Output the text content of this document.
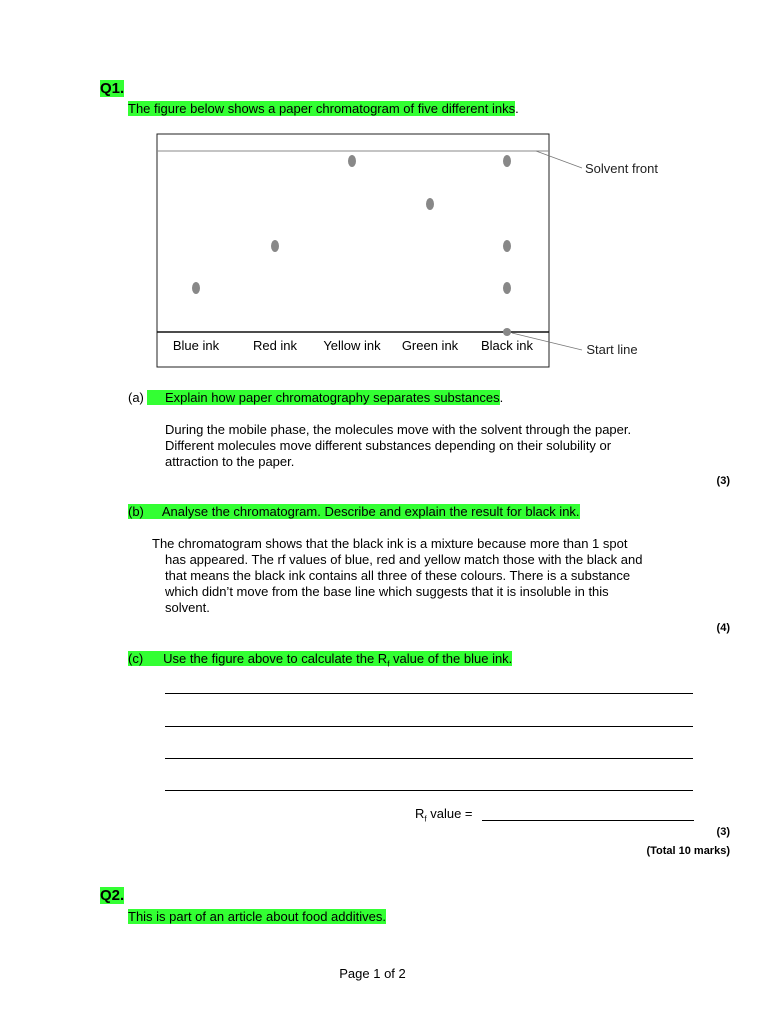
Q1.
The figure below shows a paper chromatogram of five different inks.
Blue ink	Red ink Yellow ink Green ink Black ink
Solvent front
Start line
(a)	Explain how paper chromatography separates substances.
During the mobile phase, the molecules move with the solvent through the paper.
Different molecules move different substances depending on their solubility or
attraction to the paper.
(3)
(b) Analyse the chromatogram. Describe and explain the result for black ink.
The chromatogram shows that the black ink is a mixture because more than 1 spot
has appeared. The rf values of blue, red and yellow match those with the black and
that means the black ink contains all three of these colours. There is a substance
which didn’t move from the base line which suggests that it is insoluble in this
solvent.
(4)
(c) Use the figure above to calculate the $R_f$ value of the blue ink.
$R_f$ value =
(3)
(Total 10 marks)
Q2.
This is part of an article about food additives.
Page 1 of 2
